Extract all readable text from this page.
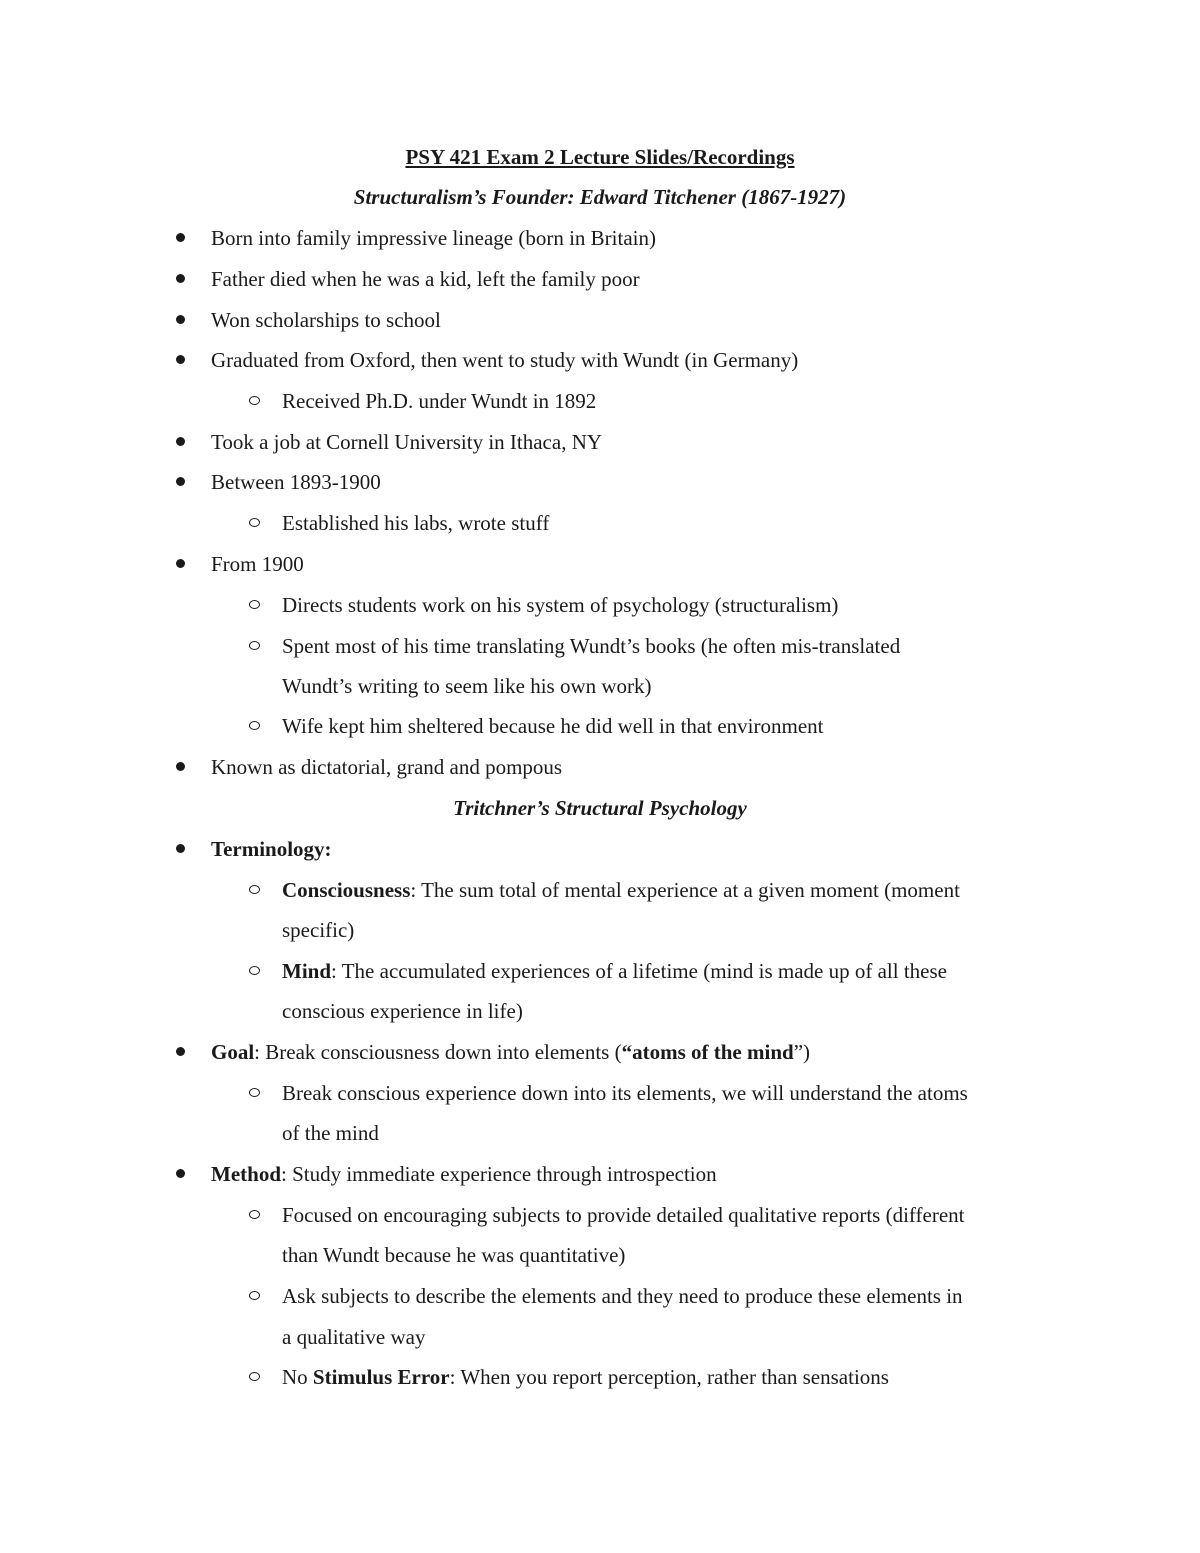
PSY 421 Exam 2 Lecture Slides/Recordings
Structuralism’s Founder: Edward Titchener (1867-1927)
Born into family impressive lineage (born in Britain)
Father died when he was a kid, left the family poor
Won scholarships to school
Graduated from Oxford, then went to study with Wundt (in Germany)
Received Ph.D. under Wundt in 1892
Took a job at Cornell University in Ithaca, NY
Between 1893-1900
Established his labs, wrote stuff
From 1900
Directs students work on his system of psychology (structuralism)
Spent most of his time translating Wundt’s books (he often mis-translated
Wundt’s writing to seem like his own work)
Wife kept him sheltered because he did well in that environment
Known as dictatorial, grand and pompous
Tritchner’s Structural Psychology
Terminology:
Consciousness: The sum total of mental experience at a given moment (moment
specific)
Mind: The accumulated experiences of a lifetime (mind is made up of all these
conscious experience in life)
Goal: Break consciousness down into elements (“atoms of the mind”)
Break conscious experience down into its elements, we will understand the atoms
of the mind
Method: Study immediate experience through introspection
Focused on encouraging subjects to provide detailed qualitative reports (different
than Wundt because he was quantitative)
Ask subjects to describe the elements and they need to produce these elements in
a qualitative way
No Stimulus Error: When you report perception, rather than sensations
